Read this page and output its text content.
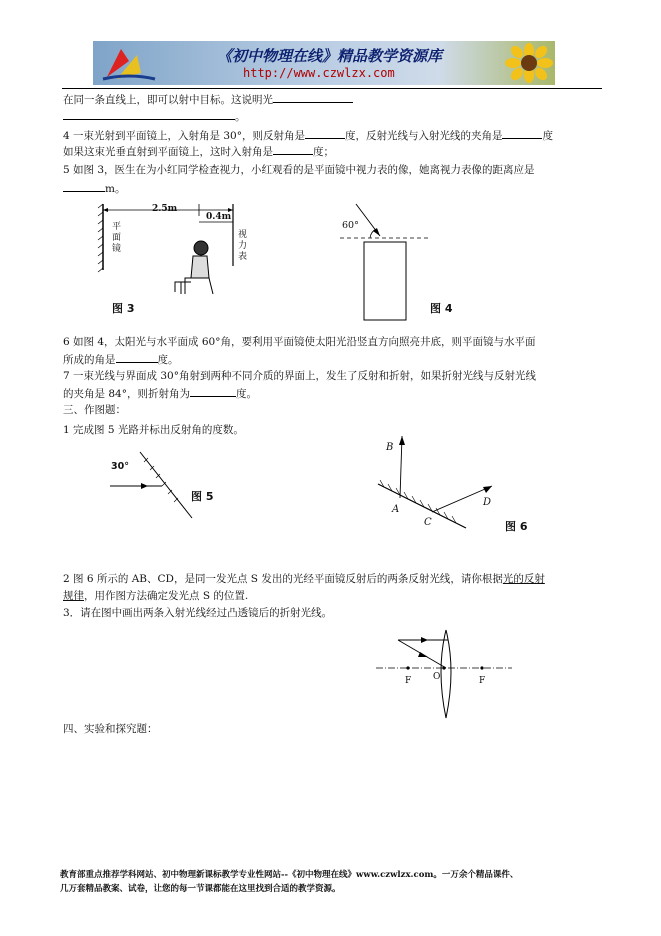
《初中物理在线》精品教学资源库
http://www.czwlzx.com
在同一条直线上，即可以射中目标。这说明光
。
4 一束光射到平面镜上，入射角是 30°，则反射角是	度，反射光线与入射光线的夹角是	度
如果这束光垂直射到平面镜上，这时入射角是	度；
5 如图 3，医生在为小红同学检查视力，小红观看的是平面镜中视力表的像，她离视力表像的距离应是
m。
2.5m
0.4m
平面镜
视力表
图 3
60°
图 4
6 如图 4，太阳光与水平面成 60°角，要利用平面镜使太阳光沿竖直方向照亮井底，则平面镜与水平面
所成的角是	度。
7 一束光线与界面成 30°角射到两种不同介质的界面上，发生了反射和折射，如果折射光线与反射光线
的夹角是 84°，则折射角为	度。
三、作图题：
1 完成图 5 光路并标出反射角的度数。
30°
图 5
B
A
C
D
图 6
2 图 6 所示的 AB、CD，是同一发光点 S 发出的光经平面镜反射后的两条反射光线，请你根据光的反射
规律，用作图方法确定发光点 S 的位置.
3．请在图中画出两条入射光线经过凸透镜后的折射光线。
F O	F
四、实验和探究题：
教育部重点推荐学科网站、初中物理新课标教学专业性网站--《初中物理在线》www.czwlzx.com。一万余个精品课件、
几万套精品教案、试卷，让您的每一节课都能在这里找到合适的教学资源。
